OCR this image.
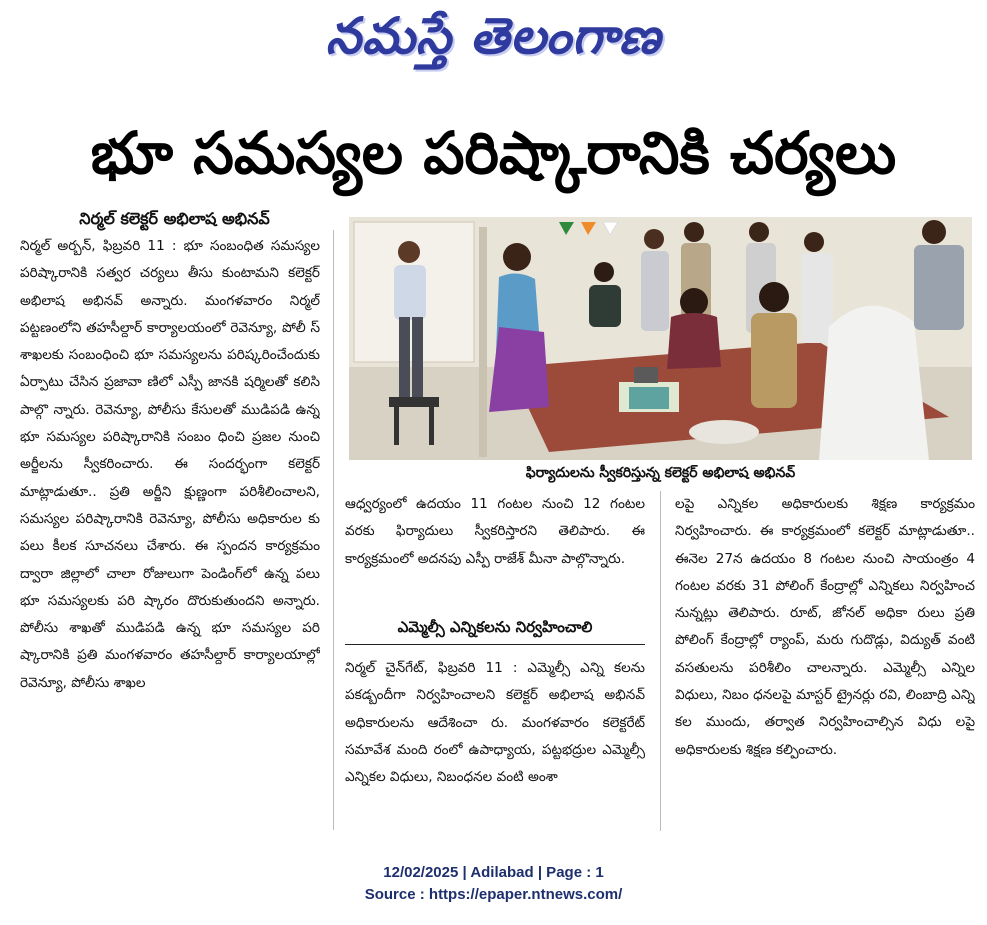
నమస్తే తెలంగాణ
భూ సమస్యల పరిష్కారానికి చర్యలు
నిర్మల్ కలెక్టర్ అభిలాష అభినవ్

నిర్మల్ అర్బన్, ఫిబ్రవరి 11 : భూ సంబంధిత సమస్యల పరిష్కారానికి సత్వర చర్యలు తీసు కుంటామని కలెక్టర్ అభిలాష అభినవ్ అన్నారు. మంగళవారం నిర్మల్ పట్టణంలోని తహసీల్దార్ కార్యాలయంలో రెవెన్యూ, పోలీ స్ శాఖలకు సంబంధించి భూ సమస్యలను పరిష్కరించేందుకు ఏర్పాటు చేసిన ప్రజావా ణిలో ఎస్పీ జానకి షర్మిలతో కలిసి పాల్గొ న్నారు. రెవెన్యూ, పోలీసు కేసులతో ముడిపడి ఉన్న భూ సమస్యల పరిష్కారానికి సంబం ధించి ప్రజల నుంచి అర్జీలను స్వీకరించారు. ఈ సందర్భంగా కలెక్టర్ మాట్లాడుతూ.. ప్రతి అర్జీని క్షుణ్ణంగా పరిశీలించాలని, సమస్యల పరిష్కారానికి రెవెన్యూ, పోలీసు అధికారుల కు పలు కీలక సూచనలు చేశారు. ఈ స్పందన కార్యక్రమం ద్వారా జిల్లాలో చాలా రోజులుగా పెండింగ్‌లో ఉన్న పలు భూ సమస్యలకు పరి ష్కారం దొరుకుతుందని అన్నారు. పోలీసు శాఖతో ముడిపడి ఉన్న భూ సమస్యల పరి ష్కారానికి ప్రతి మంగళవారం తహసీల్దార్ కార్యాలయాల్లో రెవెన్యూ, పోలీసు శాఖల

ఫిర్యాదులను స్వీకరిస్తున్న కలెక్టర్ అభిలాష అభినవ్

ఆధ్వర్యంలో ఉదయం 11 గంటల నుంచి 12 గంటల వరకు ఫిర్యాదులు స్వీకరిస్తారని తెలిపారు. ఈ కార్యక్రమంలో అదనపు ఎస్పీ రాజేశ్ మీనా పాల్గొన్నారు.

ఎమ్మెల్సీ ఎన్నికలను నిర్వహించాలి

నిర్మల్ చైన్‌గేట్, ఫిబ్రవరి 11 : ఎమ్మెల్సీ ఎన్ని కలను పకడ్బందీగా నిర్వహించాలని కలెక్టర్ అభిలాష అభినవ్ అధికారులను ఆదేశించా రు. మంగళవారం కలెక్టరేట్ సమావేశ మంది రంలో ఉపాధ్యాయ, పట్టభద్రుల ఎమ్మెల్సీ ఎన్నికల విధులు, నిబంధనల వంటి అంశా

లపై ఎన్నికల అధికారులకు శిక్షణ కార్యక్రమం నిర్వహించారు. ఈ కార్యక్రమంలో కలెక్టర్ మాట్లాడుతూ.. ఈనెల 27న ఉదయం 8 గంటల నుంచి సాయంత్రం 4 గంటల వరకు 31 పోలింగ్ కేంద్రాల్లో ఎన్నికలు నిర్వహించ నున్నట్లు తెలిపారు. రూట్, జోనల్ అధికా రులు ప్రతి పోలింగ్ కేంద్రాల్లో ర్యాంప్, మరు గుదొడ్లు, విద్యుత్ వంటి వసతులను పరిశీలిం చాలన్నారు. ఎమ్మెల్సీ ఎన్నిల విధులు, నిబం ధనలపై మాస్టర్ ట్రైనర్లు రవి, లింబాద్రి ఎన్ని కల ముందు, తర్వాత నిర్వహించాల్సిన విధు లపై అధికారులకు శిక్షణ కల్పించారు.

12/02/2025 | Adilabad | Page : 1
Source : https://epaper.ntnews.com/
